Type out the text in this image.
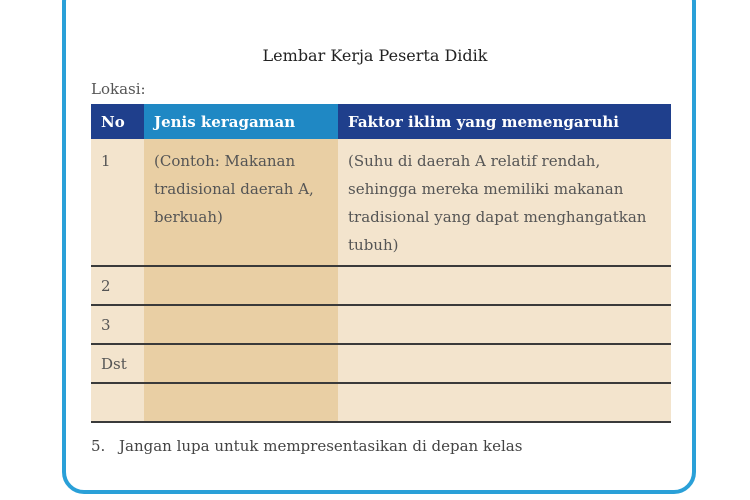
Lembar Kerja Peserta Didik
Lokasi:
No	Jenis keragaman	Faktor iklim yang memengaruhi
1	(Contoh: Makanan tradisional daerah A, berkuah)	(Suhu di daerah A relatif rendah, sehingga mereka memiliki makanan tradisional yang dapat menghangatkan tubuh)
2		
3		
Dst		

5. Jangan lupa untuk mempresentasikan di depan kelas
